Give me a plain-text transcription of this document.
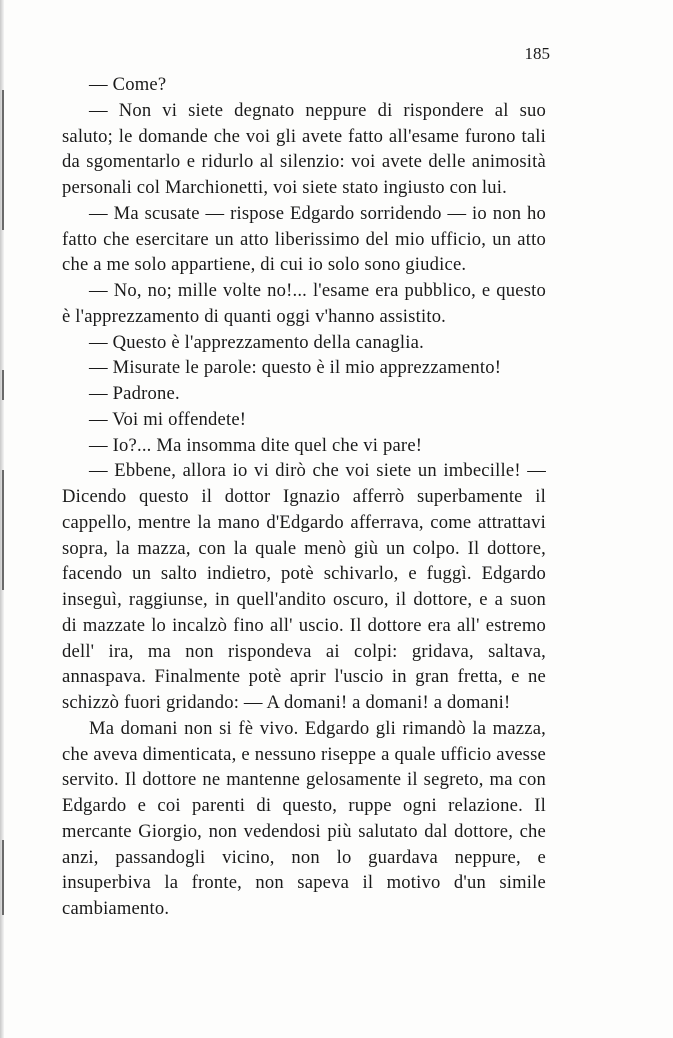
185

— Come?

— Non vi siete degnato neppure di rispondere al suo saluto; le domande che voi gli avete fatto all'esame furono tali da sgomentarlo e ridurlo al silenzio: voi avete delle animosità personali col Marchionetti, voi siete stato ingiusto con lui.

— Ma scusate — rispose Edgardo sorridendo — io non ho fatto che esercitare un atto liberissimo del mio ufficio, un atto che a me solo appartiene, di cui io solo sono giudice.

— No, no; mille volte no!... l'esame era pubblico, e questo è l'apprezzamento di quanti oggi v'hanno assistito.

— Questo è l'apprezzamento della canaglia.

— Misurate le parole: questo è il mio apprezzamento!

— Padrone.

— Voi mi offendete!

— Io?... Ma insomma dite quel che vi pare!

— Ebbene, allora io vi dirò che voi siete un imbecille! — Dicendo questo il dottor Ignazio afferrò superbamente il cappello, mentre la mano d'Edgardo afferrava, come attrattavi sopra, la mazza, con la quale menò giù un colpo. Il dottore, facendo un salto indietro, potè schivarlo, e fuggì. Edgardo inseguì, raggiunse, in quell'andito oscuro, il dottore, e a suon di mazzate lo incalzò fino all' uscio. Il dottore era all' estremo dell' ira, ma non rispondeva ai colpi: gridava, saltava, annaspava. Finalmente potè aprir l'uscio in gran fretta, e ne schizzò fuori gridando: — A domani! a domani! a domani!

Ma domani non si fè vivo. Edgardo gli rimandò la mazza, che aveva dimenticata, e nessuno riseppe a quale ufficio avesse servito. Il dottore ne mantenne gelosamente il segreto, ma con Edgardo e coi parenti di questo, ruppe ogni relazione. Il mercante Giorgio, non vedendosi più salutato dal dottore, che anzi, passandogli vicino, non lo guardava neppure, e insuperbiva la fronte, non sapeva il motivo d'un simile cambiamento.
